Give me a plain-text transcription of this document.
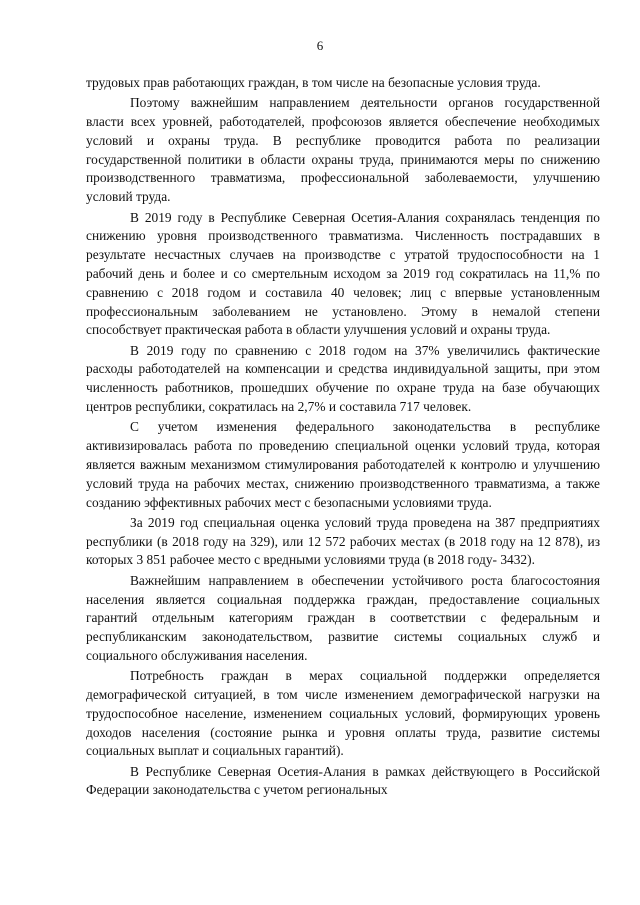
6

трудовых прав работающих граждан, в том числе на безопасные условия труда.

Поэтому важнейшим направлением деятельности органов государственной власти всех уровней, работодателей, профсоюзов является обеспечение необходимых условий и охраны труда. В республике проводится работа по реализации государственной политики в области охраны труда, принимаются меры по снижению производственного травматизма, профессиональной заболеваемости, улучшению условий труда.

В 2019 году в Республике Северная Осетия-Алания сохранялась тенденция по снижению уровня производственного травматизма. Численность пострадавших в результате несчастных случаев на производстве с утратой трудоспособности на 1 рабочий день и более и со смертельным исходом за 2019 год сократилась на 11,% по сравнению с 2018 годом и составила 40 человек; лиц с впервые установленным профессиональным заболеванием не установлено. Этому в немалой степени способствует практическая работа в области улучшения условий и охраны труда.

В 2019 году по сравнению с 2018 годом на 37% увеличились фактические расходы работодателей на компенсации и средства индивидуальной защиты, при этом численность работников, прошедших обучение по охране труда на базе обучающих центров республики, сократилась на 2,7% и составила 717 человек.

С учетом изменения федерального законодательства в республике активизировалась работа по проведению специальной оценки условий труда, которая является важным механизмом стимулирования работодателей к контролю и улучшению условий труда на рабочих местах, снижению производственного травматизма, а также созданию эффективных рабочих мест с безопасными условиями труда.

За 2019 год специальная оценка условий труда проведена на 387 предприятиях республики (в 2018 году на 329), или 12 572 рабочих местах (в 2018 году на 12 878), из которых 3 851 рабочее место с вредными условиями труда (в 2018 году- 3432).

Важнейшим направлением в обеспечении устойчивого роста благосостояния населения является социальная поддержка граждан, предоставление социальных гарантий отдельным категориям граждан в соответствии с федеральным и республиканским законодательством, развитие системы социальных служб и социального обслуживания населения.

Потребность граждан в мерах социальной поддержки определяется демографической ситуацией, в том числе изменением демографической нагрузки на трудоспособное население, изменением социальных условий, формирующих уровень доходов населения (состояние рынка и уровня оплаты труда, развитие системы социальных выплат и социальных гарантий).

В Республике Северная Осетия-Алания в рамках действующего в Российской Федерации законодательства с учетом региональных
